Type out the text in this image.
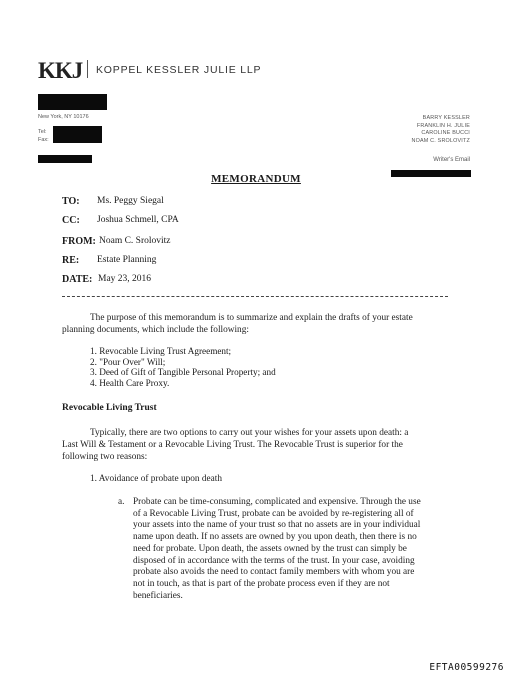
KKJ KOPPEL KESSLER JULIE LLP
New York, NY 10176
Tel:
Fax:
BARRY KESSLER
FRANKLIN H. JULIE
CAROLINE BUCCI
NOAM C. SROLOVITZ
Writer's Email
MEMORANDUM
TO: Ms. Peggy Siegal
CC: Joshua Schmell, CPA
FROM: Noam C. Srolovitz
RE: Estate Planning
DATE: May 23, 2016
The purpose of this memorandum is to summarize and explain the drafts of your estate
planning documents, which include the following:
1. Revocable Living Trust Agreement;
2. "Pour Over" Will;
3. Deed of Gift of Tangible Personal Property; and
4. Health Care Proxy.
Revocable Living Trust
Typically, there are two options to carry out your wishes for your assets upon death: a
Last Will & Testament or a Revocable Living Trust. The Revocable Trust is superior for the
following two reasons:
1. Avoidance of probate upon death
a. Probate can be time-consuming, complicated and expensive. Through the use
of a Revocable Living Trust, probate can be avoided by re-registering all of
your assets into the name of your trust so that no assets are in your individual
name upon death. If no assets are owned by you upon death, then there is no
need for probate. Upon death, the assets owned by the trust can simply be
disposed of in accordance with the terms of the trust. In your case, avoiding
probate also avoids the need to contact family members with whom you are
not in touch, as that is part of the probate process even if they are not
beneficiaries.
EFTA00599276
